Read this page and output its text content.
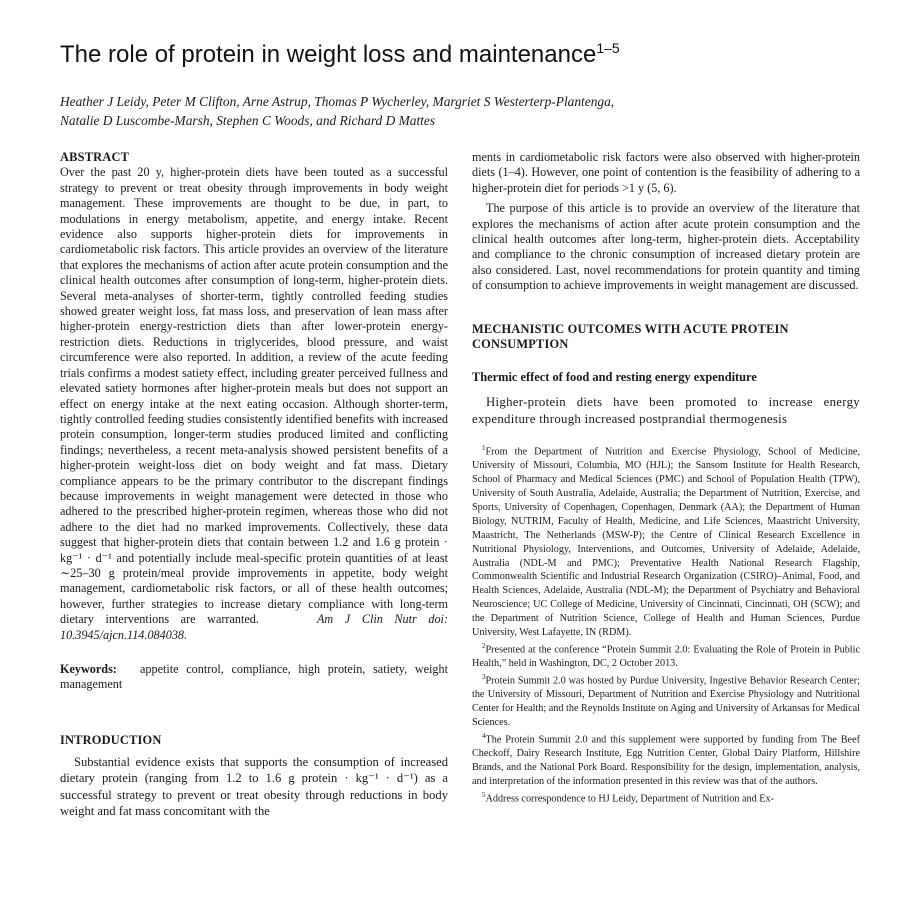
The role of protein in weight loss and maintenance$^{1-5}$
Heather J Leidy, Peter M Clifton, Arne Astrup, Thomas P Wycherley, Margriet S Westerterp-Plantenga,
Natalie D Luscombe-Marsh, Stephen C Woods, and Richard D Mattes

ABSTRACT

Over the past 20 y, higher-protein diets have been touted as a successful strategy to prevent or treat obesity through improvements in body weight management. These improvements are thought to be due, in part, to modulations in energy metabolism, appetite, and energy intake. Recent evidence also supports higher-protein diets for improvements in cardiometabolic risk factors. This article provides an overview of the literature that explores the mechanisms of action after acute protein consumption and the clinical health outcomes after consumption of long-term, higher-protein diets. Several meta-analyses of shorter-term, tightly controlled feeding studies showed greater weight loss, fat mass loss, and preservation of lean mass after higher-protein energy-restriction diets than after lower-protein energy-restriction diets. Reductions in triglycerides, blood pressure, and waist circumference were also reported. In addition, a review of the acute feeding trials confirms a modest satiety effect, including greater perceived fullness and elevated satiety hormones after higher-protein meals but does not support an effect on energy intake at the next eating occasion. Although shorter-term, tightly controlled feeding studies consistently identified benefits with increased protein consumption, longer-term studies produced limited and conflicting findings; nevertheless, a recent meta-analysis showed persistent benefits of a higher-protein weight-loss diet on body weight and fat mass. Dietary compliance appears to be the primary contributor to the discrepant findings because improvements in weight management were detected in those who adhered to the prescribed higher-protein regimen, whereas those who did not adhere to the diet had no marked improvements. Collectively, these data suggest that higher-protein diets that contain between 1.2 and 1.6 g protein · kg⁻¹ · d⁻¹ and potentially include meal-specific protein quantities of at least ∼25–30 g protein/meal provide improvements in appetite, body weight management, cardiometabolic risk factors, or all of these health outcomes; however, further strategies to increase dietary compliance with long-term dietary interventions are warranted.	Am J Clin Nutr doi: 10.3945/ajcn.114.084038.

Keywords: appetite control, compliance, high protein, satiety, weight management

INTRODUCTION

Substantial evidence exists that supports the consumption of increased dietary protein (ranging from 1.2 to 1.6 g protein · kg⁻¹ · d⁻¹) as a successful strategy to prevent or treat obesity through reductions in body weight and fat mass concomitant with the

ments in cardiometabolic risk factors were also observed with higher-protein diets (1–4). However, one point of contention is the feasibility of adhering to a higher-protein diet for periods >1 y (5, 6).

The purpose of this article is to provide an overview of the literature that explores the mechanisms of action after acute protein consumption and the clinical health outcomes after long-term, higher-protein diets. Acceptability and compliance to the chronic consumption of increased dietary protein are also considered. Last, novel recommendations for protein quantity and timing of consumption to achieve improvements in weight management are discussed.

MECHANISTIC OUTCOMES WITH ACUTE PROTEIN CONSUMPTION

Thermic effect of food and resting energy expenditure

Higher-protein diets have been promoted to increase energy expenditure through increased postprandial thermogenesis

$^1$From the Department of Nutrition and Exercise Physiology, School of Medicine, University of Missouri, Columbia, MO (HJL); the Sansom Institute for Health Research, School of Pharmacy and Medical Sciences (PMC) and School of Population Health (TPW), University of South Australia, Adelaide, Australia; the Department of Nutrition, Exercise, and Sports, University of Copenhagen, Copenhagen, Denmark (AA); the Department of Human Biology, NUTRIM, Faculty of Health, Medicine, and Life Sciences, Maastricht University, Maastricht, The Netherlands (MSW-P); the Centre of Clinical Research Excellence in Nutritional Physiology, Interventions, and Outcomes, University of Adelaide, Adelaide, Australia (NDL-M and PMC); Preventative Health National Research Flagship, Commonwealth Scientific and Industrial Research Organization (CSIRO)–Animal, Food, and Health Sciences, Adelaide, Australia (NDL-M); the Department of Psychiatry and Behavioral Neuroscience; UC College of Medicine, University of Cincinnati, Cincinnati, OH (SCW); and the Department of Nutrition Science, College of Health and Human Sciences, Purdue University, West Lafayette, IN (RDM).

$^2$Presented at the conference “Protein Summit 2.0: Evaluating the Role of Protein in Public Health,” held in Washington, DC, 2 October 2013.

$^3$Protein Summit 2.0 was hosted by Purdue University, Ingestive Behavior Research Center; the University of Missouri, Department of Nutrition and Exercise Physiology and Nutritional Center for Health; and the Reynolds Institute on Aging and University of Arkansas for Medical Sciences.

$^4$The Protein Summit 2.0 and this supplement were supported by funding from The Beef Checkoff, Dairy Research Institute, Egg Nutrition Center, Global Dairy Platform, Hillshire Brands, and the National Pork Board. Responsibility for the design, implementation, analysis, and interpretation of the information presented in this review was that of the authors.

$^5$Address correspondence to HJ Leidy, Department of Nutrition and Ex-
